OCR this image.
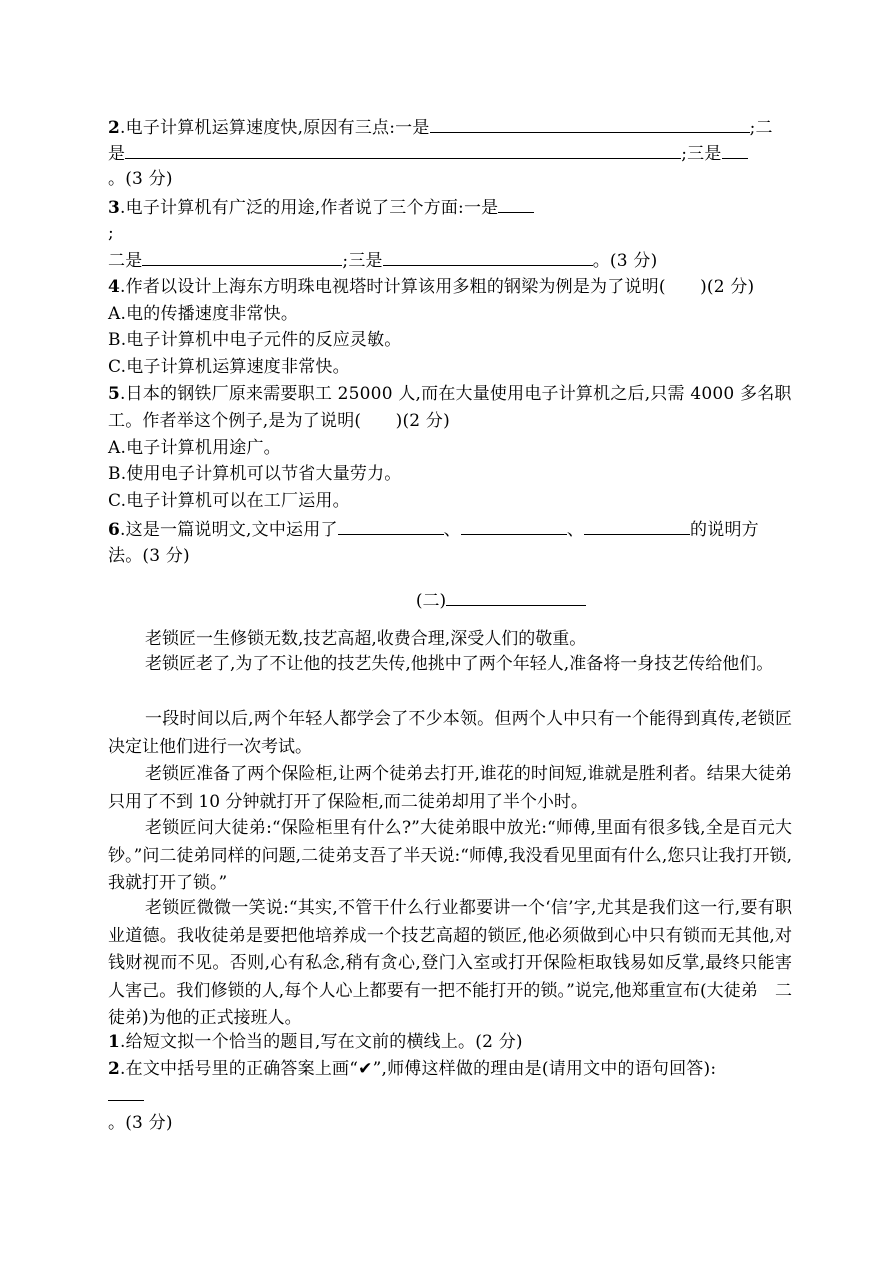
2.电子计算机运算速度快,原因有三点:一是	;二
是	;三是
。(3 分)
3.电子计算机有广泛的用途,作者说了三个方面:一是
;
二是	;三是	。(3 分)
4.作者以设计上海东方明珠电视塔时计算该用多粗的钢梁为例是为了说明(　　)(2 分)
A.电的传播速度非常快。
B.电子计算机中电子元件的反应灵敏。
C.电子计算机运算速度非常快。
5.日本的钢铁厂原来需要职工 25000 人,而在大量使用电子计算机之后,只需 4000 多名职
工。作者举这个例子,是为了说明(　　)(2 分)
A.电子计算机用途广。
B.使用电子计算机可以节省大量劳力。
C.电子计算机可以在工厂运用。
6.这是一篇说明文,文中运用了	、	、	的说明方
法。(3 分)
(二)

老锁匠一生修锁无数,技艺高超,收费合理,深受人们的敬重。

老锁匠老了,为了不让他的技艺失传,他挑中了两个年轻人,准备将一身技艺传给他们。

一段时间以后,两个年轻人都学会了不少本领。但两个人中只有一个能得到真传,老锁匠决定让他们进行一次考试。

老锁匠准备了两个保险柜,让两个徒弟去打开,谁花的时间短,谁就是胜利者。结果大徒弟只用了不到 10 分钟就打开了保险柜,而二徒弟却用了半个小时。

老锁匠问大徒弟:“保险柜里有什么?”大徒弟眼中放光:“师傅,里面有很多钱,全是百元大钞。”问二徒弟同样的问题,二徒弟支吾了半天说:“师傅,我没看见里面有什么,您只让我打开锁,我就打开了锁。”

老锁匠微微一笑说:“其实,不管干什么行业都要讲一个‘信’字,尤其是我们这一行,要有职业道德。我收徒弟是要把他培养成一个技艺高超的锁匠,他必须做到心中只有锁而无其他,对钱财视而不见。否则,心有私念,稍有贪心,登门入室或打开保险柜取钱易如反掌,最终只能害人害己。我们修锁的人,每个人心上都要有一把不能打开的锁。”说完,他郑重宣布(大徒弟　二徒弟)为他的正式接班人。

1.给短文拟一个恰当的题目,写在文前的横线上。(2 分)
2.在文中括号里的正确答案上画“✔”,师傅这样做的理由是(请用文中的语句回答):
。(3 分)
